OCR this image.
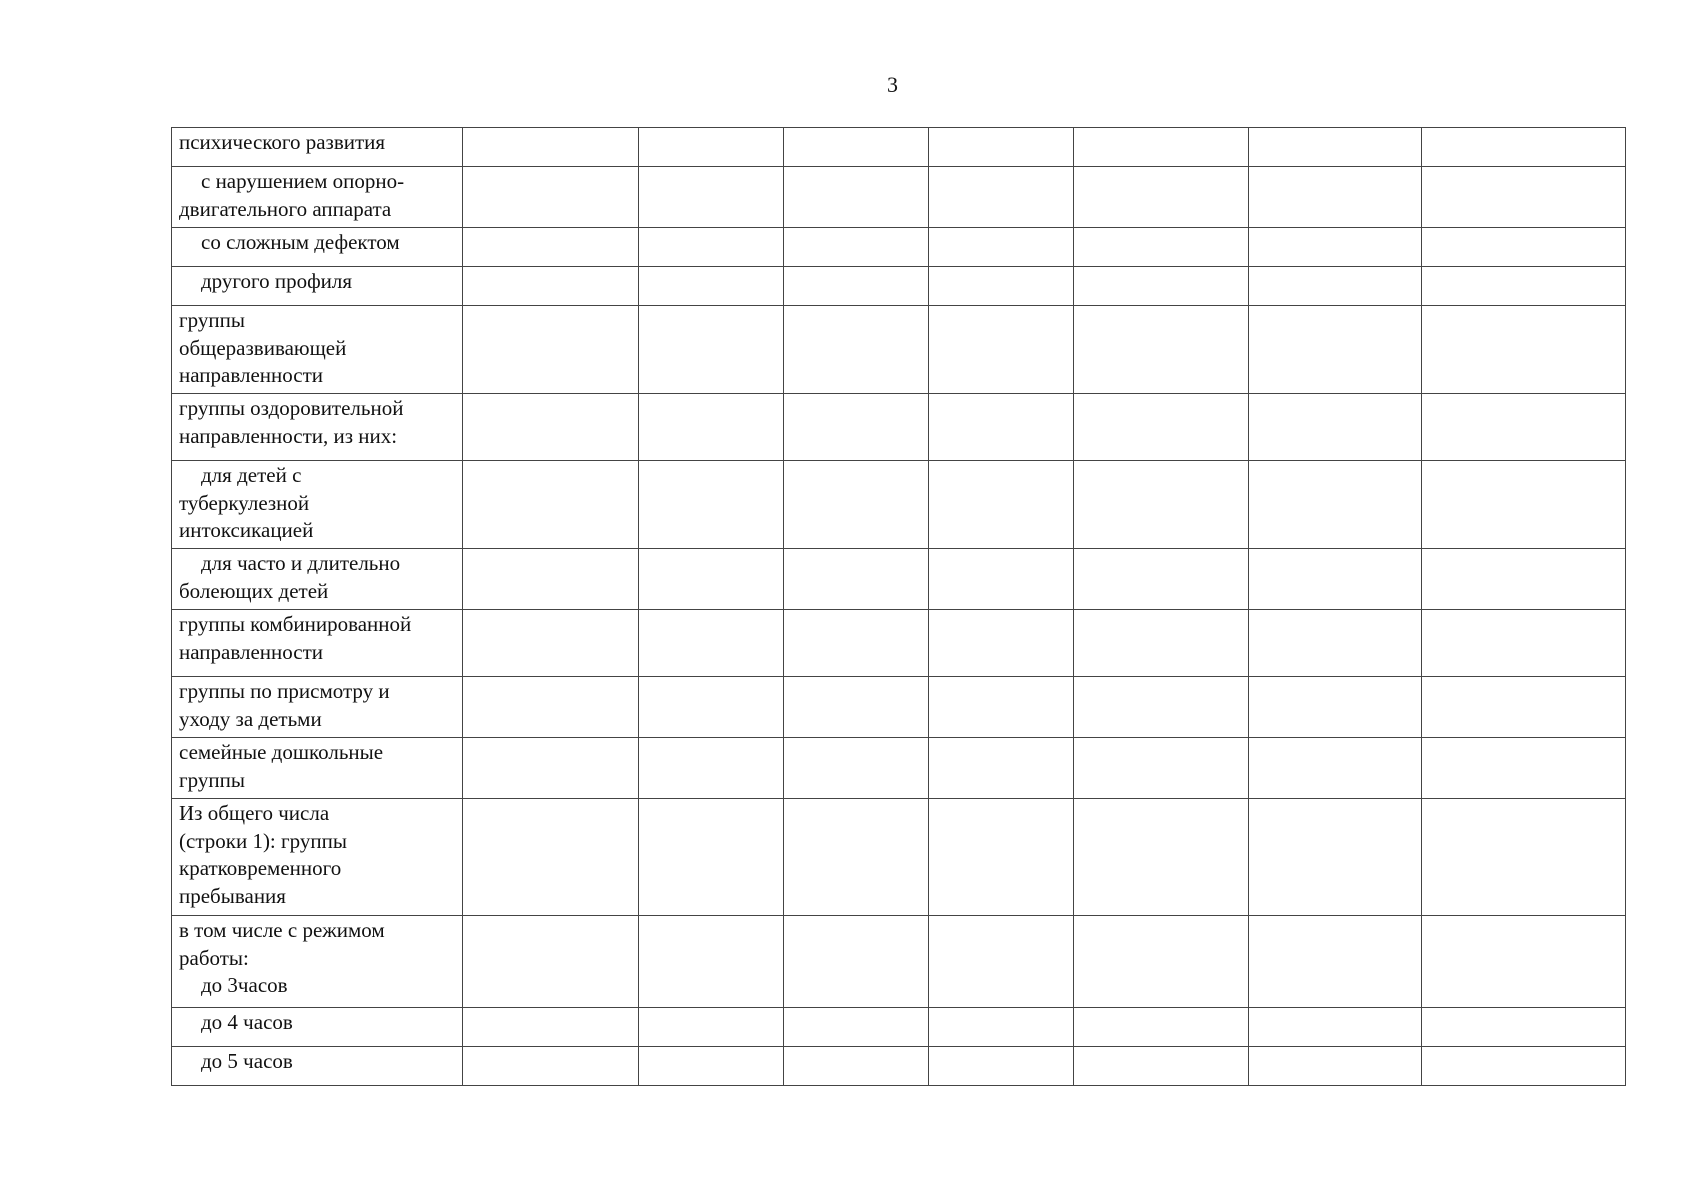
3
психического развития							

с нарушением опорно-
двигательного аппарата							

со сложным дефектом							

другого профиля							

группы
общеразвивающей
направленности							

группы оздоровительной
направленности, из них:							

для детей с
туберкулезной
интоксикацией							

для часто и длительно
болеющих детей							

группы комбинированной
направленности							

группы по присмотру и
уходу за детьми							

семейные дошкольные
группы							

Из общего числа
(строки 1): группы
кратковременного
пребывания							

в том числе с режимом
работы:
до 3часов							

до 4 часов							

до 5 часов							
